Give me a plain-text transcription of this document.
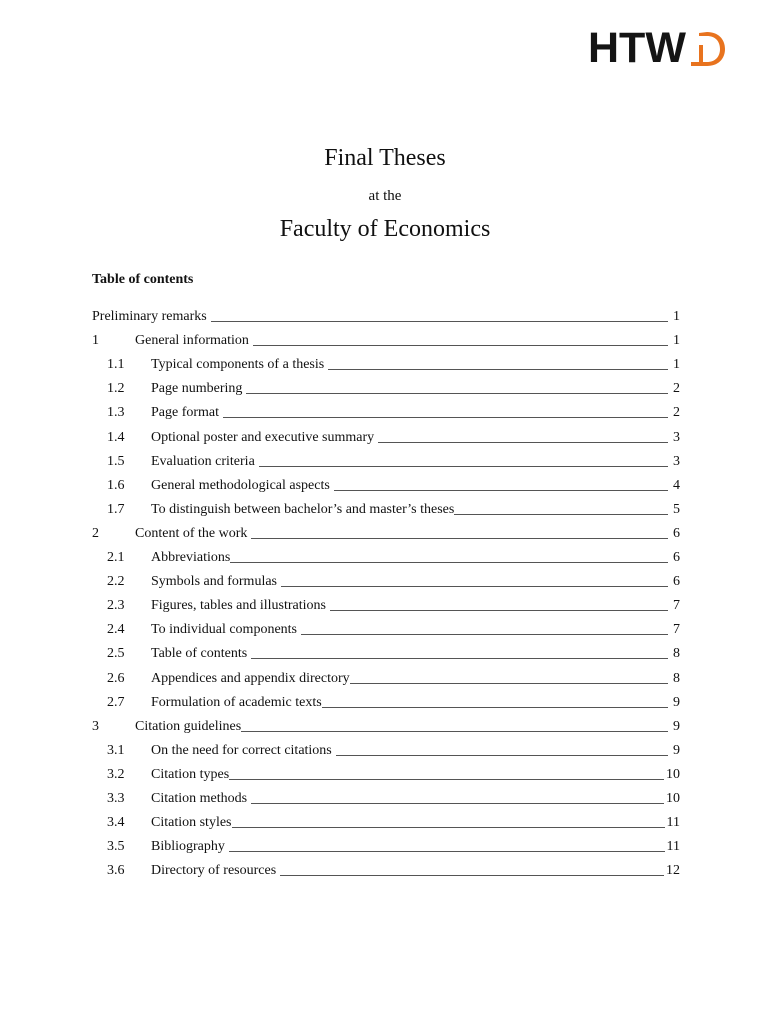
HTW
Final Theses
at the
Faculty of Economics
Table of contents
Preliminary remarks	1
1	General information	1
1.1	Typical components of a thesis	1
1.2	Page numbering	2
1.3	Page format	2
1.4	Optional poster and executive summary	3
1.5	Evaluation criteria	3
1.6	General methodological aspects	4
1.7	To distinguish between bachelor’s and master’s theses	5
2	Content of the work	6
2.1	Abbreviations	6
2.2	Symbols and formulas	6
2.3	Figures, tables and illustrations	7
2.4	To individual components	7
2.5	Table of contents	8
2.6	Appendices and appendix directory	8
2.7	Formulation of academic texts	9
3	Citation guidelines	9
3.1	On the need for correct citations	9
3.2	Citation types	10
3.3	Citation methods	10
3.4	Citation styles	11
3.5	Bibliography	11
3.6	Directory of resources	12
